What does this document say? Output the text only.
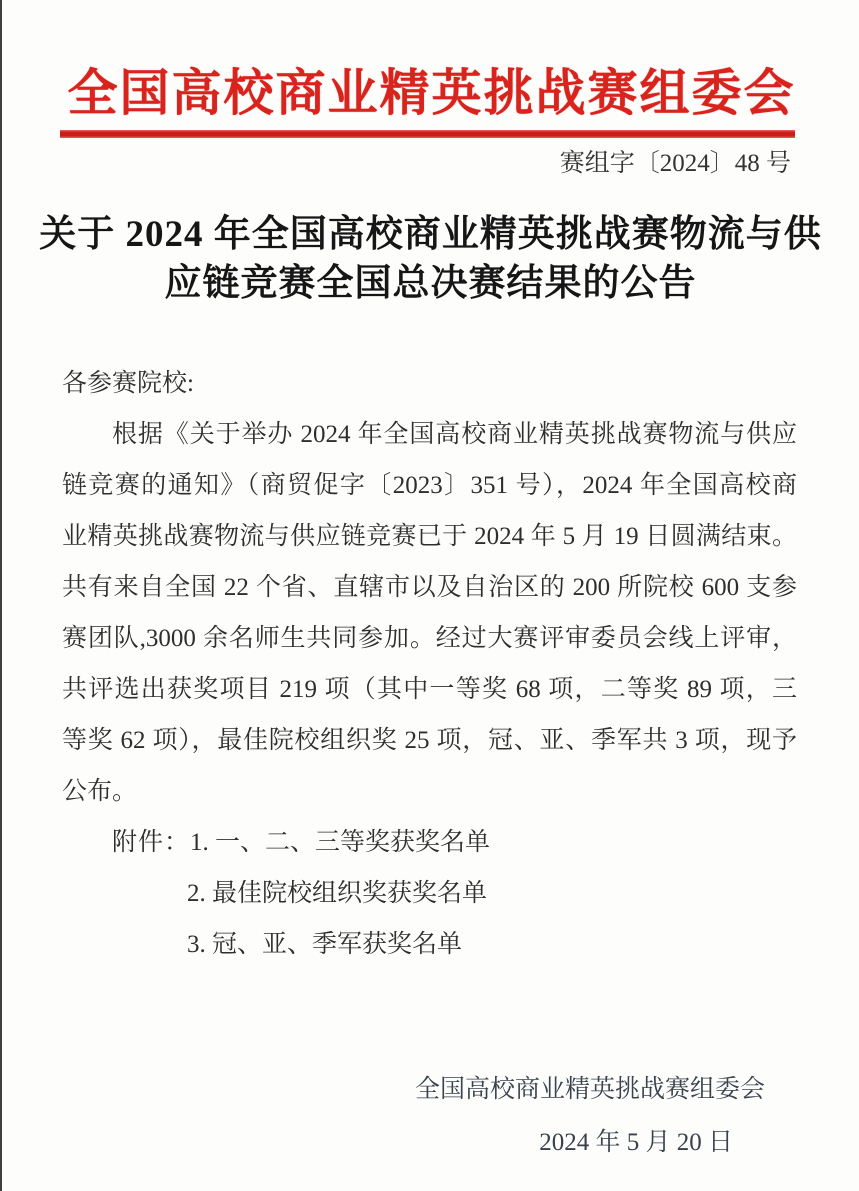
全国高校商业精英挑战赛组委会
赛组字〔2024〕48 号
关于 2024 年全国高校商业精英挑战赛物流与供
应链竞赛全国总决赛结果的公告
各参赛院校:
根据《关于举办 2024 年全国高校商业精英挑战赛物流与供应
链竞赛的通知》（商贸促字〔2023〕351 号），2024 年全国高校商
业精英挑战赛物流与供应链竞赛已于 2024 年 5 月 19 日圆满结束。
共有来自全国 22 个省、直辖市以及自治区的 200 所院校 600 支参
赛团队,3000 余名师生共同参加。经过大赛评审委员会线上评审，
共评选出获奖项目 219 项（其中一等奖 68 项，二等奖 89 项，三
等奖 62 项），最佳院校组织奖 25 项，冠、亚、季军共 3 项，现予
公布。
附件：1. 一、二、三等奖获奖名单
2. 最佳院校组织奖获奖名单
3. 冠、亚、季军获奖名单
全国高校商业精英挑战赛组委会
2024 年 5 月 20 日
